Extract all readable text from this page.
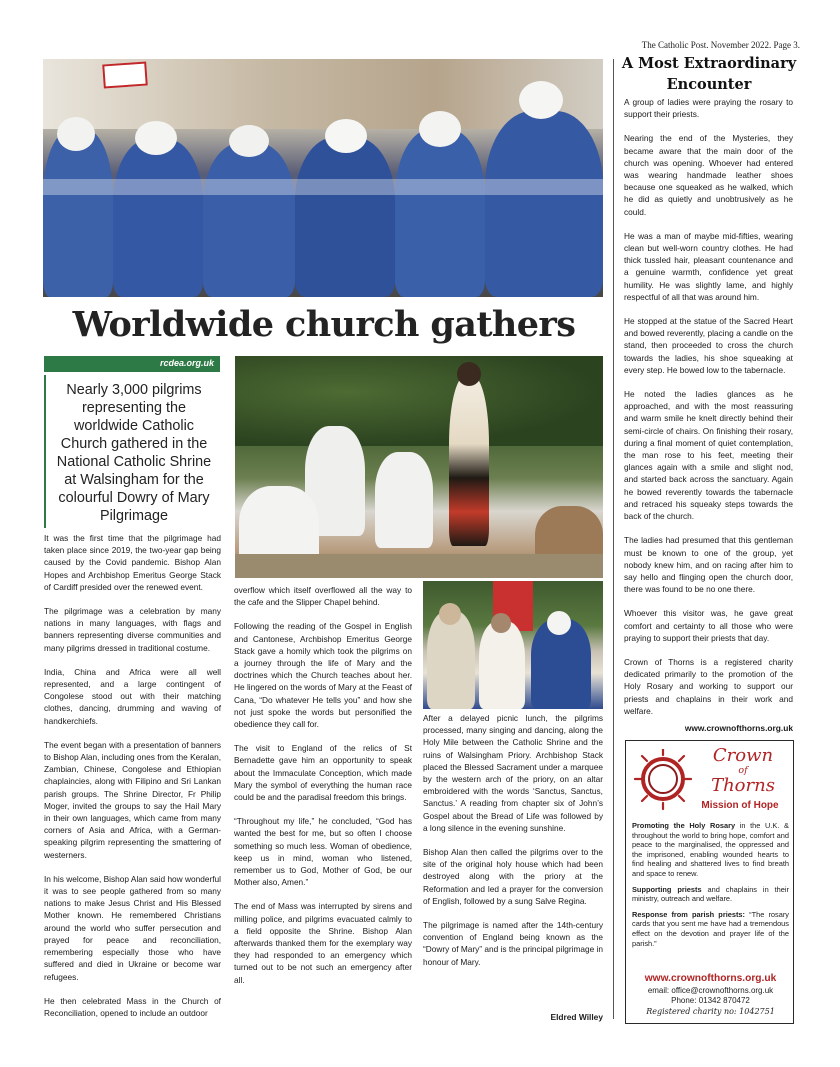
The Catholic Post. November 2022. Page 3.
Worldwide church gathers
rcdea.org.uk
Nearly 3,000 pilgrims representing the worldwide Catholic Church gathered in the National Catholic Shrine at Walsingham for the colourful Dowry of Mary Pilgrimage

It was the first time that the pilgrimage had taken place since 2019, the two-year gap being caused by the Covid pandemic. Bishop Alan Hopes and Archbishop Emeritus George Stack of Cardiff presided over the renewed event.

The pilgrimage was a celebration by many nations in many languages, with flags and banners representing diverse communities and many pilgrims dressed in traditional costume.

India, China and Africa were all well represented, and a large contingent of Congolese stood out with their matching clothes, dancing, drumming and waving of handkerchiefs.

The event began with a presentation of banners to Bishop Alan, including ones from the Keralan, Zambian, Chinese, Congolese and Ethiopian chaplaincies, along with Filipino and Sri Lankan parish groups. The Shrine Director, Fr Philip Moger, invited the groups to say the Hail Mary in their own languages, which came from many corners of Asia and Africa, with a German- speaking pilgrim representing the smattering of westerners.

In his welcome, Bishop Alan said how wonderful it was to see people gathered from so many nations to make Jesus Christ and His Blessed Mother known. He remembered Christians around the world who suffer persecution and prayed for peace and reconciliation, remembering especially those who have suffered and died in Ukraine or become war refugees.

He then celebrated Mass in the Church of Reconciliation, opened to include an outdoor

overflow which itself overflowed all the way to the cafe and the Slipper Chapel behind.

Following the reading of the Gospel in English and Cantonese, Archbishop Emeritus George Stack gave a homily which took the pilgrims on a journey through the life of Mary and the doctrines which the Church teaches about her. He lingered on the words of Mary at the Feast of Cana, “Do whatever He tells you” and how she not just spoke the words but personified the obedience they call for.

The visit to England of the relics of St Bernadette gave him an opportunity to speak about the Immaculate Conception, which made Mary the symbol of everything the human race could be and the paradisal freedom this brings.

“Throughout my life,” he concluded, “God has wanted the best for me, but so often I choose something so much less. Woman of obedience, keep us in mind, woman who listened, remember us to God, Mother of God, be our Mother also, Amen.”

The end of Mass was interrupted by sirens and milling police, and pilgrims evacuated calmly to a field opposite the Shrine. Bishop Alan afterwards thanked them for the exemplary way they had responded to an emergency which turned out to be not such an emergency after all.

After a delayed picnic lunch, the pilgrims processed, many singing and dancing, along the Holy Mile between the Catholic Shrine and the ruins of Walsingham Priory. Archbishop Stack placed the Blessed Sacrament under a marquee by the western arch of the priory, on an altar embroidered with the words ‘Sanctus, Sanctus, Sanctus.’ A reading from chapter six of John’s Gospel about the Bread of Life was followed by a long silence in the evening sunshine.

Bishop Alan then called the pilgrims over to the site of the original holy house which had been destroyed along with the priory at the Reformation and led a prayer for the conversion of English, followed by a sung Salve Regina.

The pilgrimage is named after the 14th-century convention of England being known as the “Dowry of Mary” and is the principal pilgrimage in honour of Mary.

Eldred Willey
A Most Extraordinary Encounter

A group of ladies were praying the rosary to support their priests.

Nearing the end of the Mysteries, they became aware that the main door of the church was opening. Whoever had entered was wearing handmade leather shoes because one squeaked as he walked, which he did as quietly and unobtrusively as he could.

He was a man of maybe mid-fifties, wearing clean but well-worn country clothes. He had thick tussled hair, pleasant countenance and a genuine warmth, confidence yet great humility. He was slightly lame, and highly respectful of all that was around him.

He stopped at the statue of the Sacred Heart and bowed reverently, placing a candle on the stand, then proceeded to cross the church towards the ladies, his shoe squeaking at every step. He bowed low to the tabernacle.

He noted the ladies glances as he approached, and with the most reassuring and warm smile he knelt directly behind their semi-circle of chairs. On finishing their rosary, during a final moment of quiet contemplation, the man rose to his feet, meeting their glances again with a smile and slight nod, and started back across the sanctuary. Again he bowed reverently towards the tabernacle and retraced his squeaky steps towards the back of the church.

The ladies had presumed that this gentleman must be known to one of the group, yet nobody knew him, and on racing after him to say hello and flinging open the church door, there was found to be no one there.

Whoever this visitor was, he gave great comfort and certainty to all those who were praying to support their priests that day.

Crown of Thorns is a registered charity dedicated primarily to the promotion of the Holy Rosary and working to support our priests and chaplains in their work and welfare.

www.crownofthorns.org.uk
Crown
of
Thorns
Mission of Hope

Promoting the Holy Rosary in the U.K. & throughout the world to bring hope, comfort and peace to the marginalised, the oppressed and the imprisoned, enabling wounded hearts to find healing and shattered lives to find breath and space to renew.

Supporting priests and chaplains in their ministry, outreach and welfare.

Response from parish priests: “The rosary cards that you sent me have had a tremendous effect on the devotion and prayer life of the parish.”

www.crownofthorns.org.uk
email: office@crownofthorns.org.uk
Phone: 01342 870472
Registered charity no: 1042751
